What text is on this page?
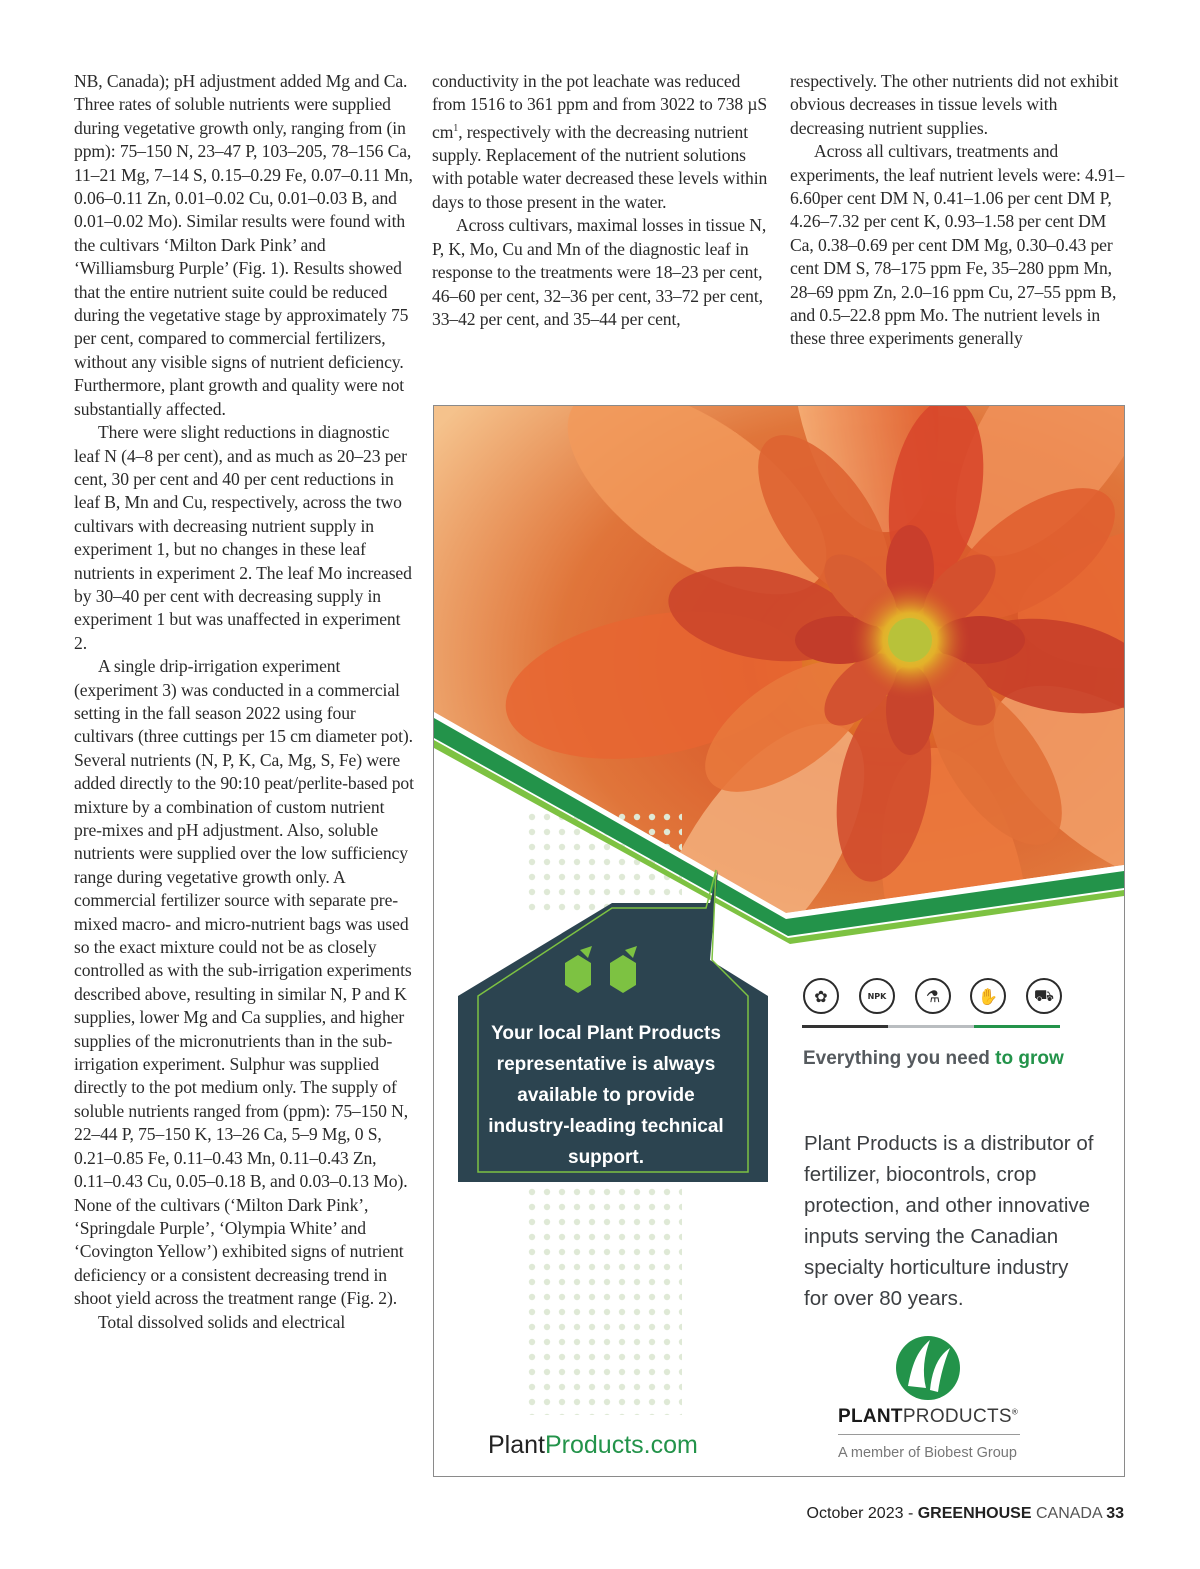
NB, Canada); pH adjustment added Mg and Ca. Three rates of soluble nutrients were supplied during vegetative growth only, ranging from (in ppm): 75–150 N, 23–47 P, 103–205, 78–156 Ca, 11–21 Mg, 7–14 S, 0.15–0.29 Fe, 0.07–0.11 Mn, 0.06–0.11 Zn, 0.01–0.02 Cu, 0.01–0.03 B, and 0.01–0.02 Mo). Similar results were found with the cultivars ‘Milton Dark Pink’ and ‘Williamsburg Purple’ (Fig. 1). Results showed that the entire nutrient suite could be reduced during the vegetative stage by approximately 75 per cent, compared to commercial fertilizers, without any visible signs of nutrient deficiency. Furthermore, plant growth and quality were not substantially affected.

There were slight reductions in diagnostic leaf N (4–8 per cent), and as much as 20–23 per cent, 30 per cent and 40 per cent reductions in leaf B, Mn and Cu, respectively, across the two cultivars with decreasing nutrient supply in experiment 1, but no changes in these leaf nutrients in experiment 2. The leaf Mo increased by 30–40 per cent with decreasing supply in experiment 1 but was unaffected in experiment 2.

A single drip-irrigation experiment (experiment 3) was conducted in a commercial setting in the fall season 2022 using four cultivars (three cuttings per 15 cm diameter pot). Several nutrients (N, P, K, Ca, Mg, S, Fe) were added directly to the 90:10 peat/perlite-based pot mixture by a combination of custom nutrient pre-mixes and pH adjustment. Also, soluble nutrients were supplied over the low sufficiency range during vegetative growth only. A commercial fertilizer source with separate pre-mixed macro- and micro-nutrient bags was used so the exact mixture could not be as closely controlled as with the sub-irrigation experiments described above, resulting in similar N, P and K supplies, lower Mg and Ca supplies, and higher supplies of the micronutrients than in the sub-irrigation experiment. Sulphur was supplied directly to the pot medium only. The supply of soluble nutrients ranged from (ppm): 75–150 N, 22–44 P, 75–150 K, 13–26 Ca, 5–9 Mg, 0 S, 0.21–0.85 Fe, 0.11–0.43 Mn, 0.11–0.43 Zn, 0.11–0.43 Cu, 0.05–0.18 B, and 0.03–0.13 Mo). None of the cultivars (‘Milton Dark Pink’, ‘Springdale Purple’, ‘Olympia White’ and ‘Covington Yellow’) exhibited signs of nutrient deficiency or a consistent decreasing trend in shoot yield across the treatment range (Fig. 2).

Total dissolved solids and electrical

conductivity in the pot leachate was reduced from 1516 to 361 ppm and from 3022 to 738 µS $cm^1$, respectively with the decreasing nutrient supply. Replacement of the nutrient solutions with potable water decreased these levels within days to those present in the water.

Across cultivars, maximal losses in tissue N, P, K, Mo, Cu and Mn of the diagnostic leaf in response to the treatments were 18–23 per cent, 46–60 per cent, 32–36 per cent, 33–72 per cent, 33–42 per cent, and 35–44 per cent,

respectively. The other nutrients did not exhibit obvious decreases in tissue levels with decreasing nutrient supplies.

Across all cultivars, treatments and experiments, the leaf nutrient levels were: 4.91–6.60per cent DM N, 0.41–1.06 per cent DM P, 4.26–7.32 per cent K, 0.93–1.58 per cent DM Ca, 0.38–0.69 per cent DM Mg, 0.30–0.43 per cent DM S, 78–175 ppm Fe, 35–280 ppm Mn, 28–69 ppm Zn, 2.0–16 ppm Cu, 27–55 ppm B, and 0.5–22.8 ppm Mo. The nutrient levels in these three experiments generally

Your local Plant Products
representative is always
available to provide
industry-leading technical
support.
✿	NPK ⚗ ✋ ⛟
Everything you need to grow
Plant Products is a distributor of
fertilizer, biocontrols, crop
protection, and other innovative
inputs serving the Canadian
specialty horticulture industry
for over 80 years.
PLANTPRODUCTS®
A member of Biobest Group
PlantProducts.com
October 2023 - GREENHOUSE CANADA 33
